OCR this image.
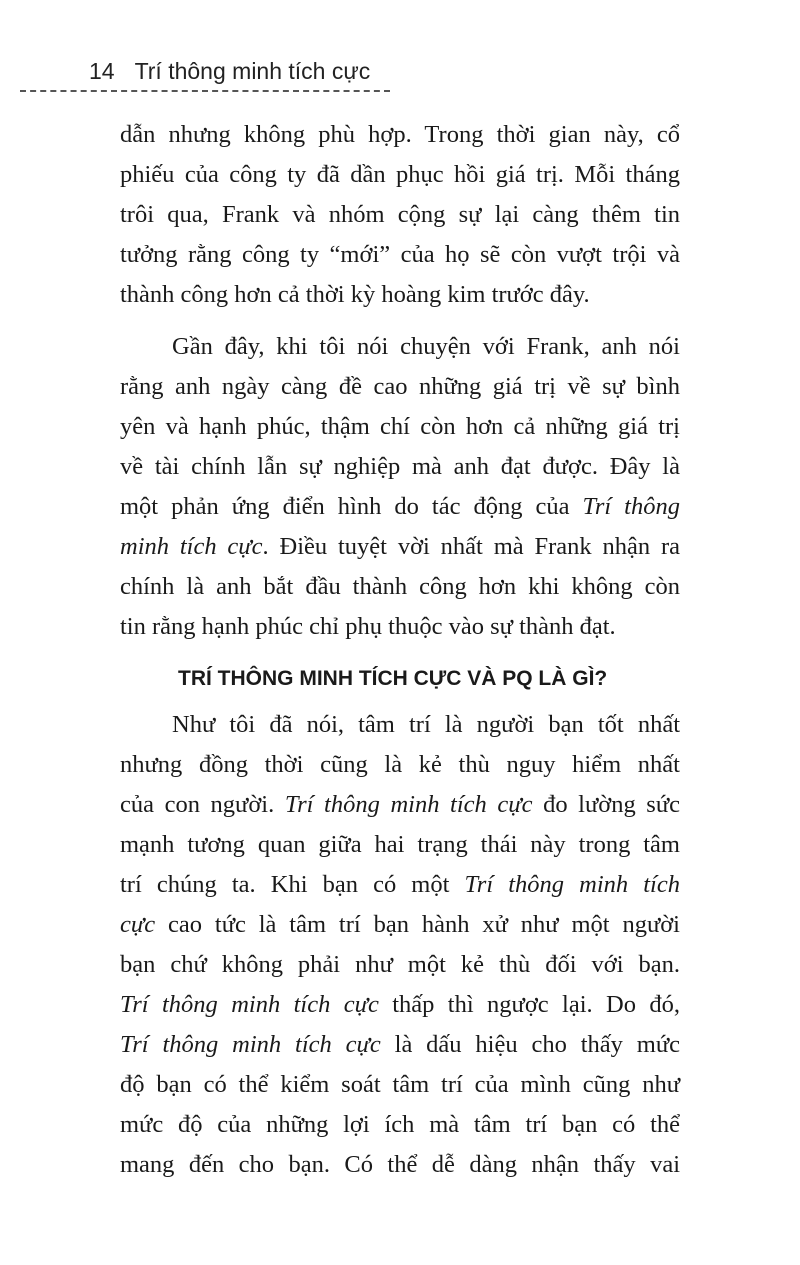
14 Trí thông minh tích cực
dẫn nhưng không phù hợp. Trong thời gian này, cổ
phiếu của công ty đã dần phục hồi giá trị. Mỗi tháng
trôi qua, Frank và nhóm cộng sự lại càng thêm tin
tưởng rằng công ty “mới” của họ sẽ còn vượt trội và
thành công hơn cả thời kỳ hoàng kim trước đây.
Gần đây, khi tôi nói chuyện với Frank, anh nói
rằng anh ngày càng đề cao những giá trị về sự bình
yên và hạnh phúc, thậm chí còn hơn cả những giá trị
về tài chính lẫn sự nghiệp mà anh đạt được. Đây là
một phản ứng điển hình do tác động của Trí thông
minh tích cực. Điều tuyệt vời nhất mà Frank nhận ra
chính là anh bắt đầu thành công hơn khi không còn
tin rằng hạnh phúc chỉ phụ thuộc vào sự thành đạt.
TRÍ THÔNG MINH TÍCH CỰC VÀ PQ LÀ GÌ?
Như tôi đã nói, tâm trí là người bạn tốt nhất
nhưng đồng thời cũng là kẻ thù nguy hiểm nhất
của con người. Trí thông minh tích cực đo lường sức
mạnh tương quan giữa hai trạng thái này trong tâm
trí chúng ta. Khi bạn có một Trí thông minh tích
cực cao tức là tâm trí bạn hành xử như một người
bạn chứ không phải như một kẻ thù đối với bạn.
Trí thông minh tích cực thấp thì ngược lại. Do đó,
Trí thông minh tích cực là dấu hiệu cho thấy mức
độ bạn có thể kiểm soát tâm trí của mình cũng như
mức độ của những lợi ích mà tâm trí bạn có thể
mang đến cho bạn. Có thể dễ dàng nhận thấy vai
